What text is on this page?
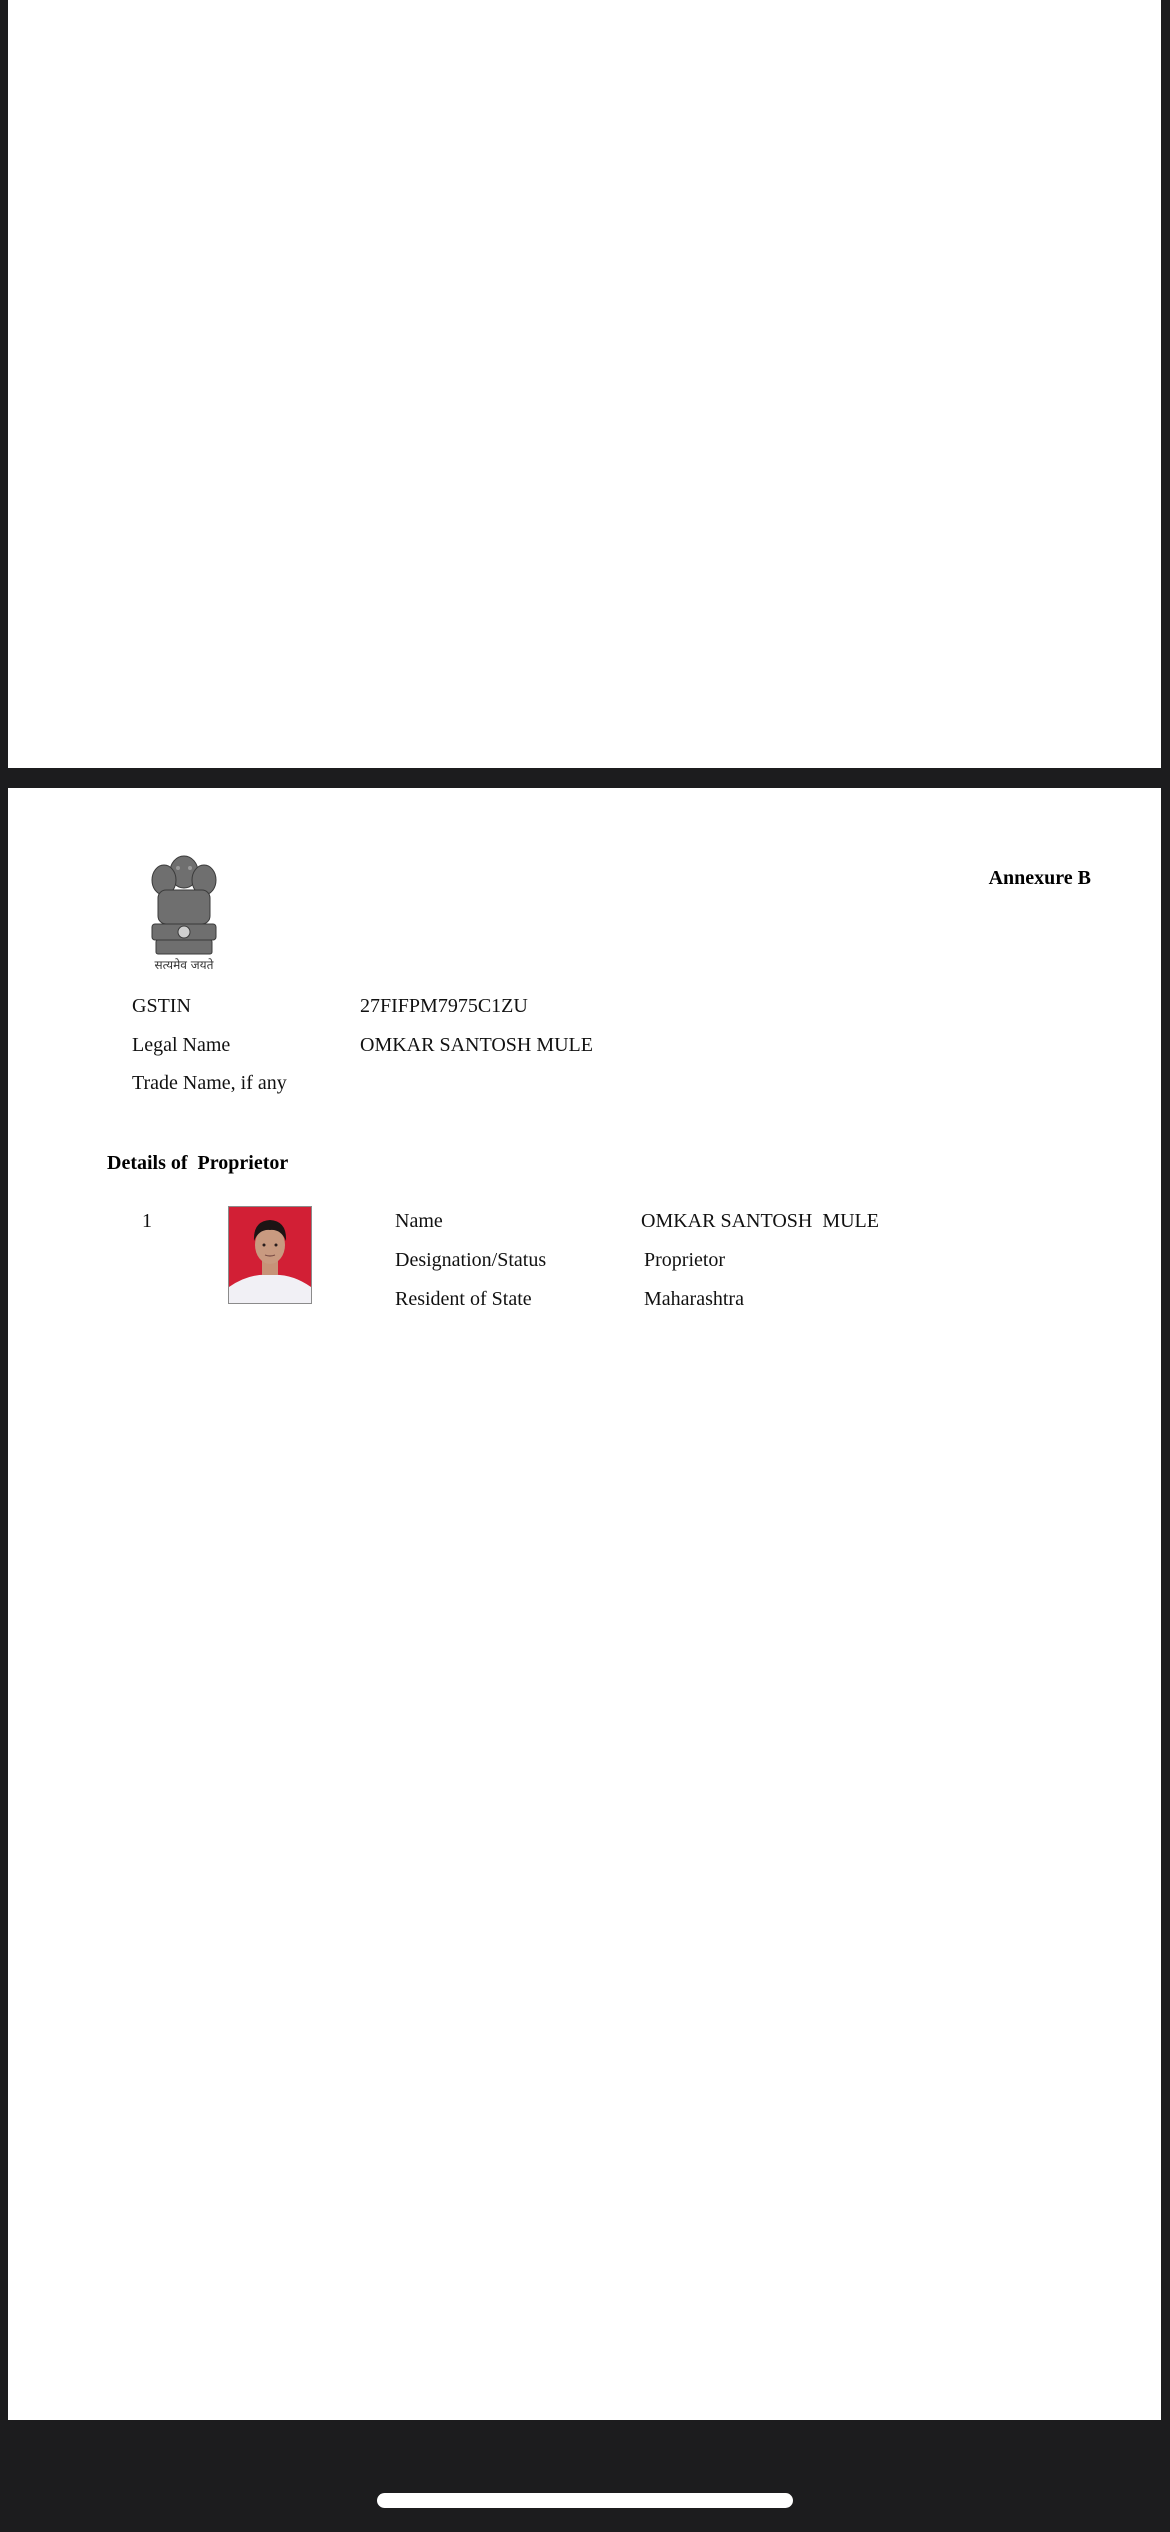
सत्यमेव जयते
Annexure B
GSTIN	27FIFPM7975C1ZU
Legal Name	OMKAR SANTOSH MULE
Trade Name, if any
Details of  Proprietor
1	Name	OMKAR SANTOSH  MULE
Designation/Status	Proprietor
Resident of State	Maharashtra
